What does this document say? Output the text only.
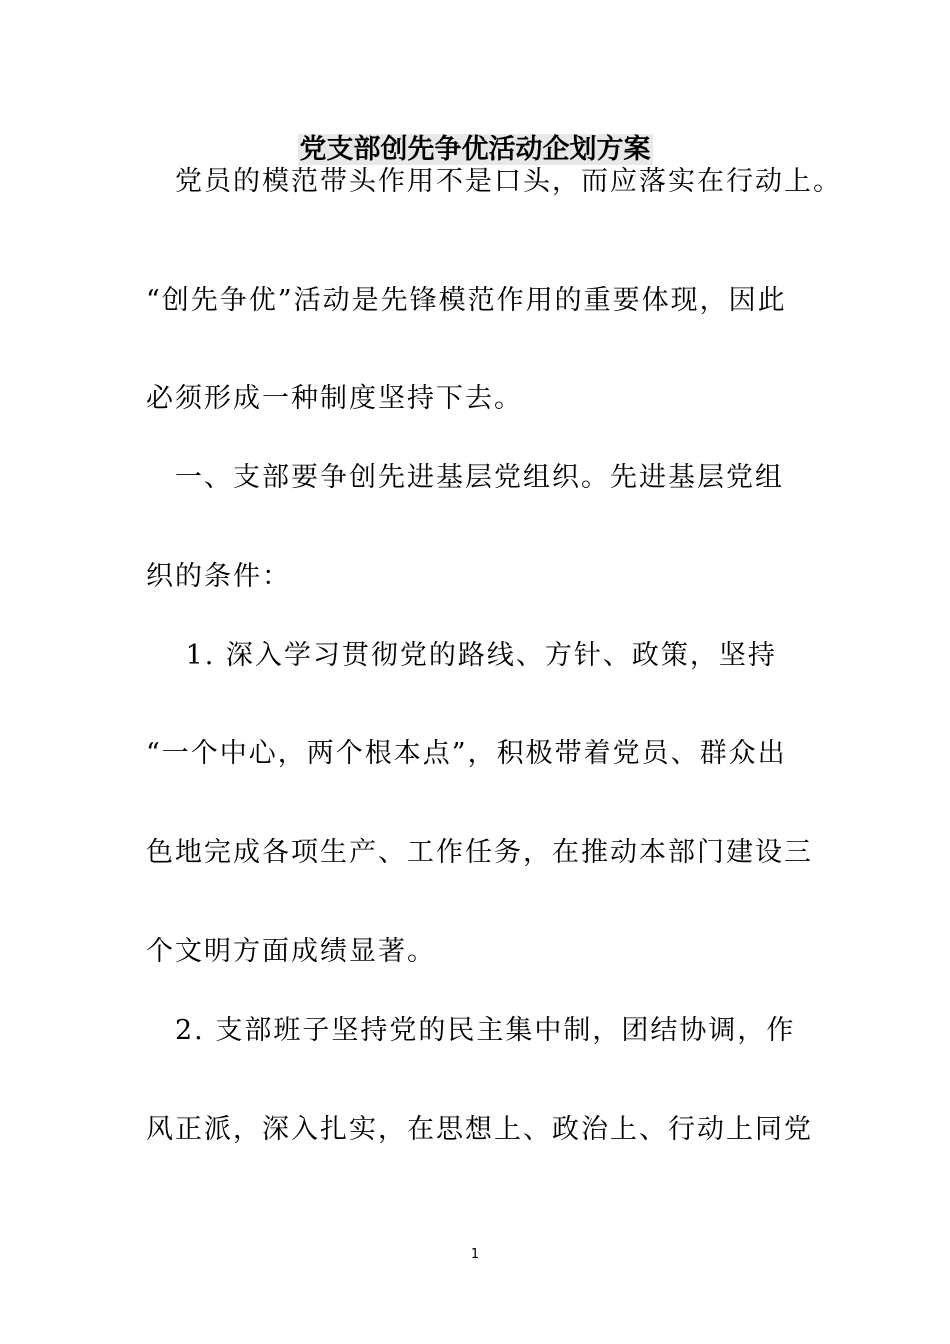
党支部创先争优活动企划方案

　党员的模范带头作用不是口头，而应落实在行动上。

“创先争优”活动是先锋模范作用的重要体现，因此

必须形成一种制度坚持下去。

　一、支部要争创先进基层党组织。先进基层党组

织的条件：

　 1. 深入学习贯彻党的路线、方针、政策，坚持

“一个中心，两个根本点”，积极带着党员、群众出

色地完成各项生产、工作任务，在推动本部门建设三

个文明方面成绩显著。

　2. 支部班子坚持党的民主集中制，团结协调，作

风正派，深入扎实，在思想上、政治上、行动上同党

1
